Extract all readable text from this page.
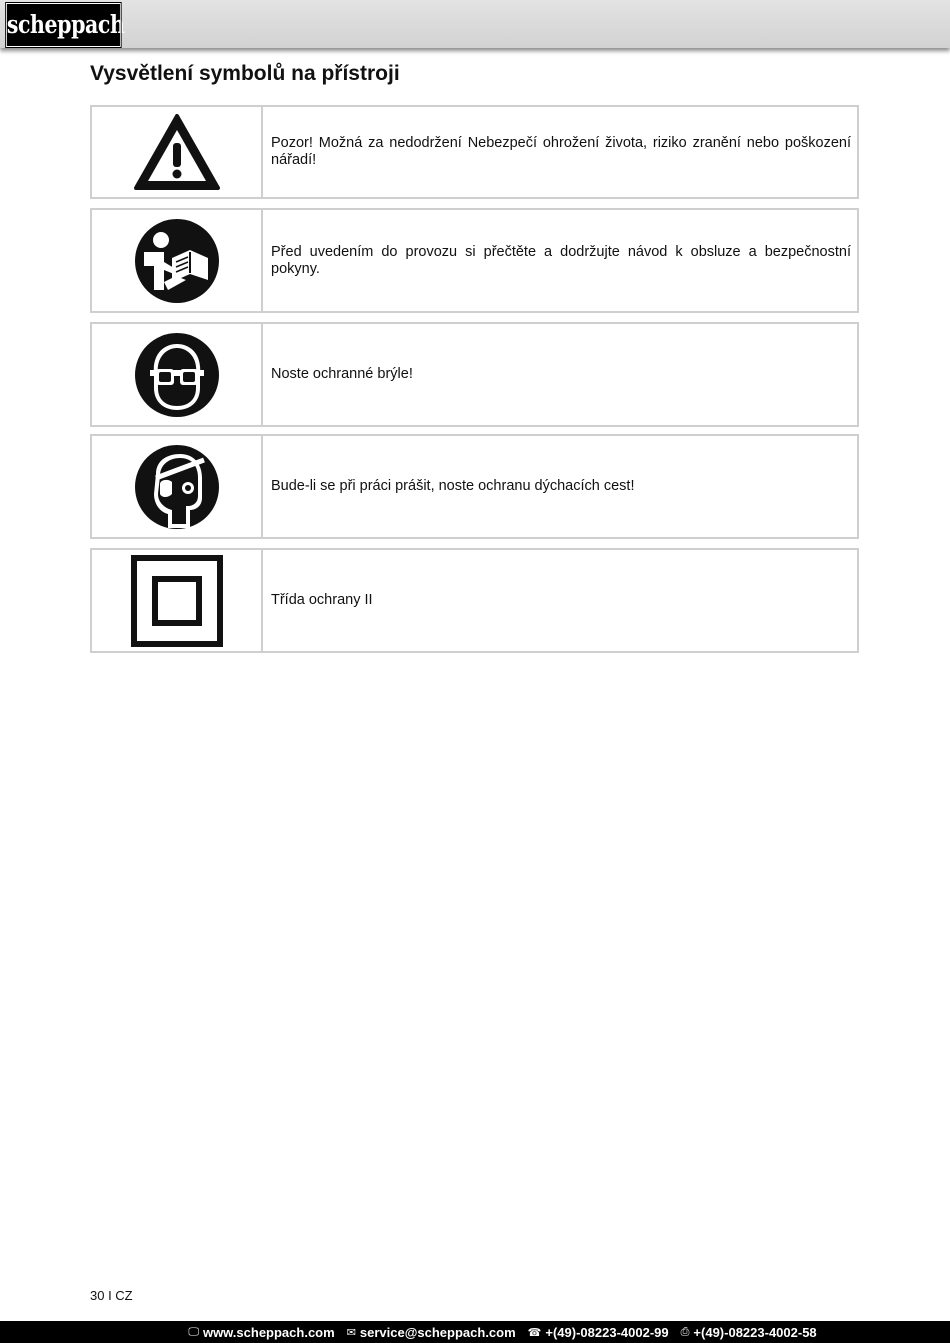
scheppach
Vysvětlení symbolů na přístroji
Pozor! Možná za nedodržení Nebezpečí ohrožení života, riziko zranění nebo poškození nářadí!
Před uvedením do provozu si přečtěte a dodržujte návod k obsluze a bezpečnostní pokyny.
Noste ochranné brýle!
Bude-li se při práci prášit, noste ochranu dýchacích cest!
Třída ochrany II
30 I CZ
🖵 www.scheppach.com ✉ service@scheppach.com ☎ +(49)-08223-4002-99 ⎙ +(49)-08223-4002-58
